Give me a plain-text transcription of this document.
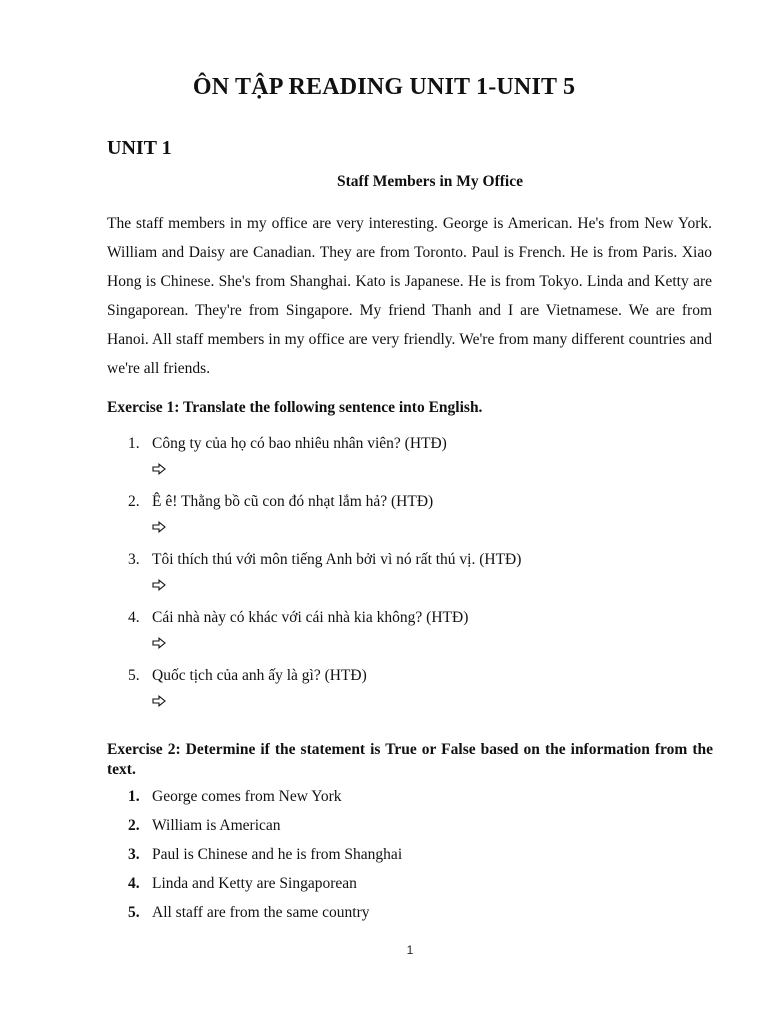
ÔN TẬP READING UNIT 1-UNIT 5
UNIT 1
Staff Members in My Office

The staff members in my office are very interesting. George is American. He's from New York. William and Daisy are Canadian. They are from Toronto. Paul is French. He is from Paris. Xiao Hong is Chinese. She's from Shanghai. Kato is Japanese. He is from Tokyo. Linda and Ketty are Singaporean. They're from Singapore. My friend Thanh and I are Vietnamese. We are from Hanoi. All staff members in my office are very friendly. We're from many different countries and we're all friends.

Exercise 1: Translate the following sentence into English.

1. Công ty của họ có bao nhiêu nhân viên? (HTĐ)
2. Ê ê! Thằng bồ cũ con đó nhạt lắm hả? (HTĐ)
3. Tôi thích thú với môn tiếng Anh bởi vì nó rất thú vị. (HTĐ)
4. Cái nhà này có khác với cái nhà kia không? (HTĐ)
5. Quốc tịch của anh ấy là gì? (HTĐ)

Exercise 2: Determine if the statement is True or False based on the information from the text.

1. George comes from New York
2. William is American
3. Paul is Chinese and he is from Shanghai
4. Linda and Ketty are Singaporean
5. All staff are from the same country
1
